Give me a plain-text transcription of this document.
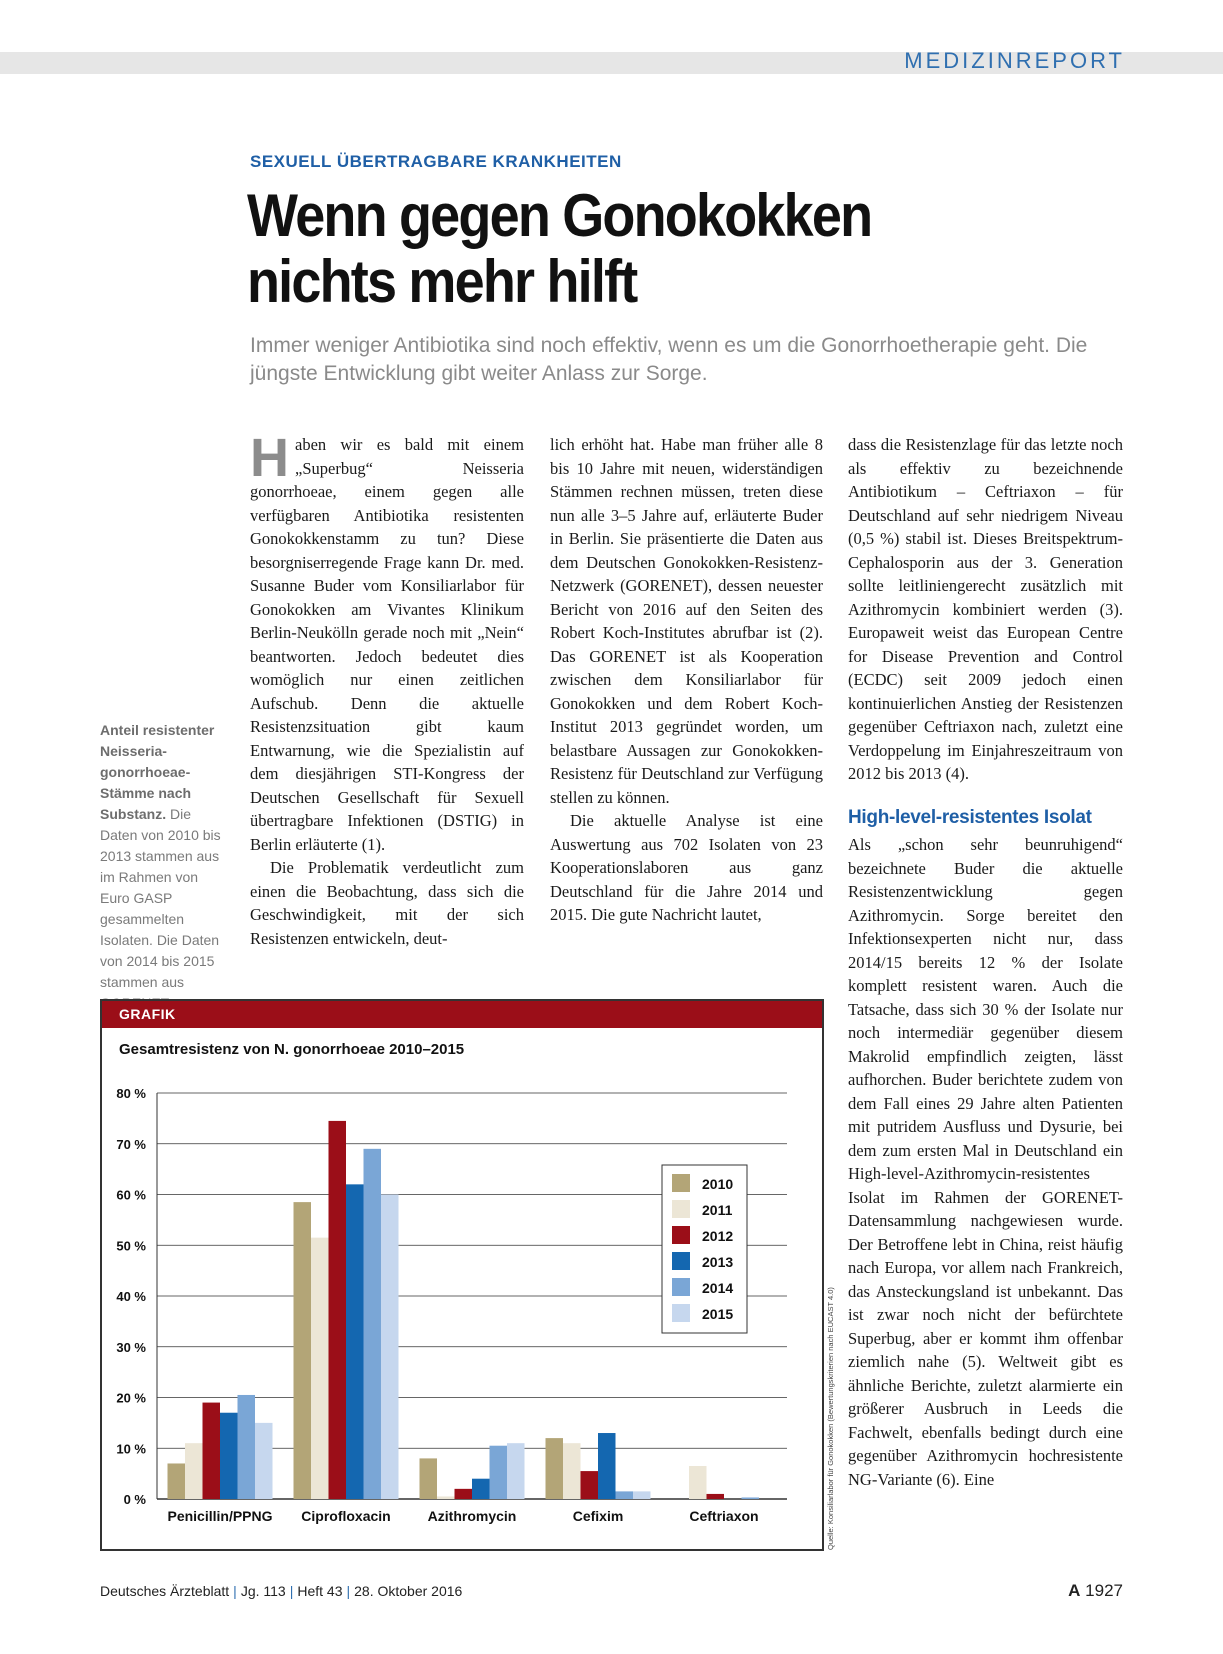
MEDIZINREPORT
SEXUELL ÜBERTRAGBARE KRANKHEITEN
Wenn gegen Gonokokken
nichts mehr hilft
Immer weniger Antibiotika sind noch effektiv, wenn es um die Gonorrhoetherapie geht. Die jüngste Entwicklung gibt weiter Anlass zur Sorge.

Haben wir es bald mit einem „Superbug“ Neisseria gonorrhoeae, einem gegen alle verfügbaren Antibiotika resistenten Gonokokkenstamm zu tun? Diese besorgniserregende Frage kann Dr. med. Susanne Buder vom Konsiliarlabor für Gonokokken am Vivantes Klinikum Berlin-Neukölln gerade noch mit „Nein“ beantworten. Jedoch bedeutet dies womöglich nur einen zeitlichen Aufschub. Denn die aktuelle Resistenzsituation gibt kaum Entwarnung, wie die Spezialistin auf dem diesjährigen STI-Kongress der Deutschen Gesellschaft für Sexuell übertragbare Infektionen (DSTIG) in Berlin erläuterte (1).

Die Problematik verdeutlicht zum einen die Beobachtung, dass sich die Geschwindigkeit, mit der sich Resistenzen entwickeln, deut-

lich erhöht hat. Habe man früher alle 8 bis 10 Jahre mit neuen, widerständigen Stämmen rechnen müssen, treten diese nun alle 3–5 Jahre auf, erläuterte Buder in Berlin. Sie präsentierte die Daten aus dem Deutschen Gonokokken-Resistenz-Netzwerk (GORENET), dessen neuester Bericht von 2016 auf den Seiten des Robert Koch-Institutes abrufbar ist (2). Das GORENET ist als Kooperation zwischen dem Konsiliarlabor für Gonokokken und dem Robert Koch-Institut 2013 gegründet worden, um belastbare Aussagen zur Gonokokken-Resistenz für Deutschland zur Verfügung stellen zu können.

Die aktuelle Analyse ist eine Auswertung aus 702 Isolaten von 23 Kooperationslaboren aus ganz Deutschland für die Jahre 2014 und 2015. Die gute Nachricht lautet,

dass die Resistenzlage für das letzte noch als effektiv zu bezeichnende Antibiotikum – Ceftriaxon – für Deutschland auf sehr niedrigem Niveau (0,5 %) stabil ist. Dieses Breitspektrum-Cephalosporin aus der 3. Generation sollte leitliniengerecht zusätzlich mit Azithromycin kombiniert werden (3). Europaweit weist das European Centre for Disease Prevention and Control (ECDC) seit 2009 jedoch einen kontinuierlichen Anstieg der Resistenzen gegenüber Ceftriaxon nach, zuletzt eine Verdoppelung im Einjahreszeitraum von 2012 bis 2013 (4).

High-level-resistentes Isolat

Als „schon sehr beunruhigend“ bezeichnete Buder die aktuelle Resistenzentwicklung gegen Azithromycin. Sorge bereitet den Infektionsexperten nicht nur, dass 2014/15 bereits 12 % der Isolate komplett resistent waren. Auch die Tatsache, dass sich 30 % der Isolate nur noch intermediär gegenüber diesem Makrolid empfindlich zeigten, lässt aufhorchen. Buder berichtete zudem von dem Fall eines 29 Jahre alten Patienten mit putridem Ausfluss und Dysurie, bei dem zum ersten Mal in Deutschland ein High-level-Azithromycin-resistentes Isolat im Rahmen der GORENET-Datensammlung nachgewiesen wurde. Der Betroffene lebt in China, reist häufig nach Europa, vor allem nach Frankreich, das Ansteckungsland ist unbekannt. Das ist zwar noch nicht der befürchtete Superbug, aber er kommt ihm offenbar ziemlich nahe (5). Weltweit gibt es ähnliche Berichte, zuletzt alarmierte ein größerer Ausbruch in Leeds die Fachwelt, ebenfalls bedingt durch eine gegenüber Azithromycin hochresistente NG-Variante (6). Eine

Anteil resistenter Neisseria-gonorrhoeae-Stämme nach Substanz. Die Daten von 2010 bis 2013 stammen aus im Rahmen von Euro GASP gesammelten Isolaten. Die Daten von 2014 bis 2015 stammen aus
GRAFIK
Gesamtresistenz von N. gonorrhoeae 2010–2015
0 %
10 %
20 %
30 %
40 %
50 %
60 %
70 %
80 %
Penicillin/PPNG Ciprofloxacin	Azithromycin	Cefixim	Ceftriaxon
2010
2011
2012
2013
2014
2015	Quelle: Konsiliarlabor für Gonokokken (Bewertungskriterien nach EUCAST 4.0)
Deutsches Ärzteblatt | Jg. 113 | Heft 43 | 28. Oktober 2016	A 1927
